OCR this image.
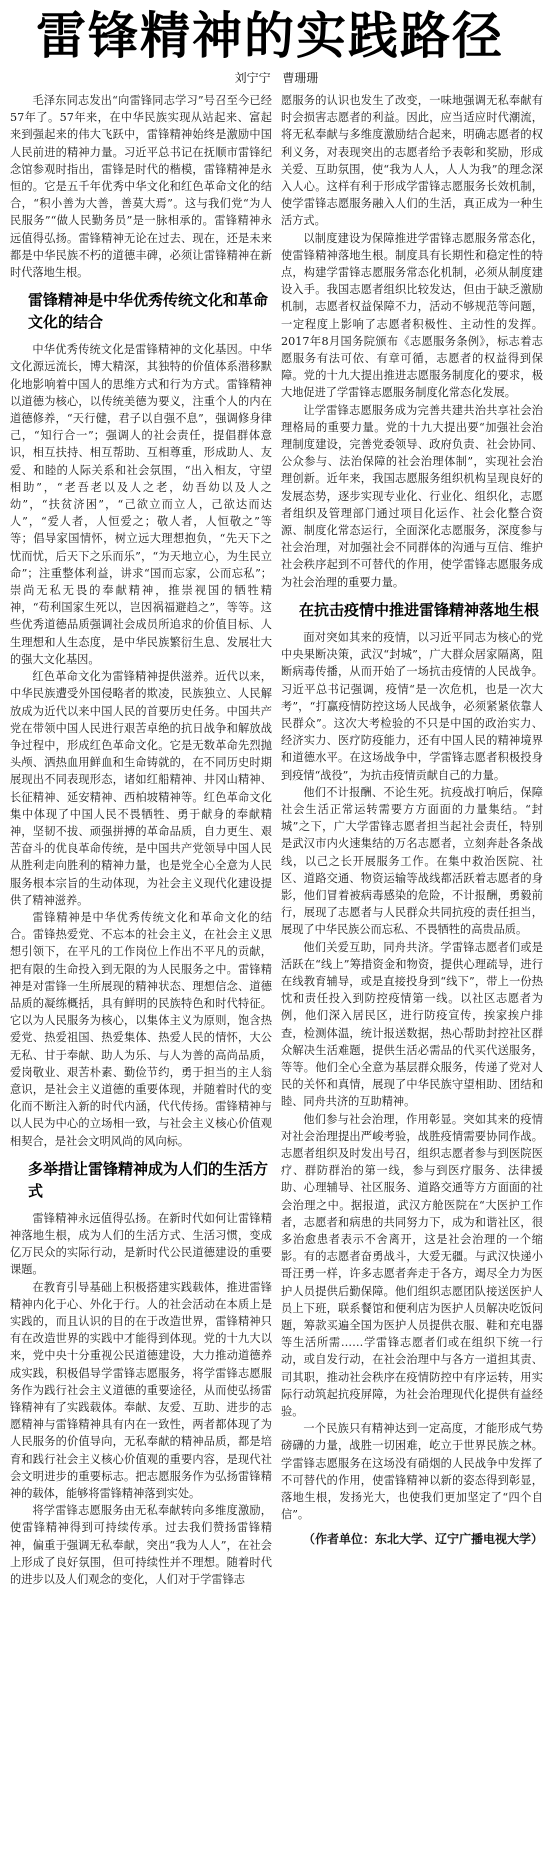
雷锋精神的实践路径
刘宁宁 曹珊珊

毛泽东同志发出“向雷锋同志学习”号召至今已经57年了。57年来，在中华民族实现从站起来、富起来到强起来的伟大飞跃中，雷锋精神始终是激励中国人民前进的精神力量。习近平总书记在抚顺市雷锋纪念馆参观时指出，雷锋是时代的楷模，雷锋精神是永恒的。它是五千年优秀中华文化和红色革命文化的结合，“积小善为大善，善莫大焉”。这与我们党“为人民服务”“做人民勤务员”是一脉相承的。雷锋精神永远值得弘扬。雷锋精神无论在过去、现在，还是未来都是中华民族不朽的道德丰碑，必须让雷锋精神在新时代落地生根。

雷锋精神是中华优秀传统文化和革命文化的结合

中华优秀传统文化是雷锋精神的文化基因。中华文化源远流长，博大精深，其独特的价值体系潜移默化地影响着中国人的思维方式和行为方式。雷锋精神以道德为核心，以传统美德为要义，注重个人的内在道德修养，“天行健，君子以自强不息”，强调修身律己，“知行合一”；强调人的社会责任，提倡群体意识，相互扶持、相互帮助、互相尊重，形成助人、友爱、和睦的人际关系和社会氛围，“出入相友，守望相助”，“老吾老以及人之老，幼吾幼以及人之幼”，“扶贫济困”，“己欲立而立人，己欲达而达人”，“爱人者，人恒爱之；敬人者，人恒敬之”等等；倡导家国情怀，树立远大理想抱负，“先天下之忧而忧，后天下之乐而乐”，“为天地立心，为生民立命”；注重整体利益，讲求“国而忘家，公而忘私”；崇尚无私无畏的奉献精神，推崇视国的牺牲精神，“苟利国家生死以，岂因祸福避趋之”，等等。这些优秀道德品质强调社会成员所追求的价值目标、人生理想和人生态度，是中华民族繁衍生息、发展壮大的强大文化基因。

红色革命文化为雷锋精神提供滋养。近代以来，中华民族遭受外国侵略者的欺凌，民族独立、人民解放成为近代以来中国人民的首要历史任务。中国共产党在带领中国人民进行艰苦卓绝的抗日战争和解放战争过程中，形成红色革命文化。它是无数革命先烈抛头颅、洒热血用鲜血和生命铸就的，在不同历史时期展现出不同表现形态，诸如红船精神、井冈山精神、长征精神、延安精神、西柏坡精神等。红色革命文化集中体现了中国人民不畏牺牲、勇于献身的奉献精神，坚韧不拔、顽强拼搏的革命品质，自力更生、艰苦奋斗的优良革命传统，是中国共产党领导中国人民从胜利走向胜利的精神力量，也是党全心全意为人民服务根本宗旨的生动体现，为社会主义现代化建设提供了精神滋养。

雷锋精神是中华优秀传统文化和革命文化的结合。雷锋热爱党、不忘本的社会主义，在社会主义思想引领下，在平凡的工作岗位上作出不平凡的贡献，把有限的生命投入到无限的为人民服务之中。雷锋精神是对雷锋一生所展现的精神状态、理想信念、道德品质的凝练概括，具有鲜明的民族特色和时代特征。它以为人民服务为核心，以集体主义为原则，饱含热爱党、热爱祖国、热爱集体、热爱人民的情怀，大公无私、甘于奉献、助人为乐、与人为善的高尚品质，爱岗敬业、艰苦朴素、勤俭节约，勇于担当的主人翁意识，是社会主义道德的重要体现，并随着时代的变化而不断注入新的时代内涵，代代传扬。雷锋精神与以人民为中心的立场相一致，与社会主义核心价值观相契合，是社会文明风尚的风向标。

多举措让雷锋精神成为人们的生活方式

雷锋精神永远值得弘扬。在新时代如何让雷锋精神落地生根，成为人们的生活方式、生活习惯，变成亿万民众的实际行动，是新时代公民道德建设的重要课题。

在教育引导基础上积极搭建实践载体，推进雷锋精神内化于心、外化于行。人的社会活动在本质上是实践的，而且认识的目的在于改造世界，雷锋精神只有在改造世界的实践中才能得到体现。党的十九大以来，党中央十分重视公民道德建设，大力推动道德养成实践，积极倡导学雷锋志愿服务，将学雷锋志愿服务作为践行社会主义道德的重要途径，从而使弘扬雷锋精神有了实践载体。奉献、友爱、互助、进步的志愿精神与雷锋精神具有内在一致性，两者都体现了为人民服务的价值导向，无私奉献的精神品质，都是培育和践行社会主义核心价值观的重要内容，是现代社会文明进步的重要标志。把志愿服务作为弘扬雷锋精神的载体，能够将雷锋精神落到实处。

将学雷锋志愿服务由无私奉献转向多维度激励，使雷锋精神得到可持续传承。过去我们赞扬雷锋精神，偏重于强调无私奉献，突出“我为人人”，在社会上形成了良好氛围，但可持续性并不理想。随着时代的进步以及人们观念的变化，人们对于学雷锋志

愿服务的认识也发生了改变，一味地强调无私奉献有时会损害志愿者的利益。因此，应当适应时代潮流，将无私奉献与多维度激励结合起来，明确志愿者的权利义务，对表现突出的志愿者给予表彰和奖励，形成关爱、互助氛围，使“我为人人，人人为我”的理念深入人心。这样有利于形成学雷锋志愿服务长效机制，使学雷锋志愿服务融入人们的生活，真正成为一种生活方式。

以制度建设为保障推进学雷锋志愿服务常态化，使雷锋精神落地生根。制度具有长期性和稳定性的特点，构建学雷锋志愿服务常态化机制，必须从制度建设入手。我国志愿者组织比较发达，但由于缺乏激励机制，志愿者权益保障不力，活动不够规范等问题，一定程度上影响了志愿者积极性、主动性的发挥。2017年8月国务院颁布《志愿服务条例》，标志着志愿服务有法可依、有章可循，志愿者的权益得到保障。党的十九大提出推进志愿服务制度化的要求，极大地促进了学雷锋志愿服务制度化常态化发展。

让学雷锋志愿服务成为完善共建共治共享社会治理格局的重要力量。党的十九大提出要“加强社会治理制度建设，完善党委领导、政府负责、社会协同、公众参与、法治保障的社会治理体制”，实现社会治理创新。近年来，我国志愿服务组织机构呈现良好的发展态势，逐步实现专业化、行业化、组织化，志愿者组织及管理部门通过项目化运作、社会化整合资源、制度化常态运行，全面深化志愿服务，深度参与社会治理，对加强社会不同群体的沟通与互信、维护社会秩序起到不可替代的作用，使学雷锋志愿服务成为社会治理的重要力量。

在抗击疫情中推进雷锋精神落地生根

面对突如其来的疫情，以习近平同志为核心的党中央果断决策，武汉“封城”，广大群众居家隔离，阻断病毒传播，从而开始了一场抗击疫情的人民战争。习近平总书记强调，疫情“是一次危机，也是一次大考”，“打赢疫情防控这场人民战争，必须紧紧依靠人民群众”。这次大考检验的不只是中国的政治实力、经济实力、医疗防疫能力，还有中国人民的精神境界和道德水平。在这场战争中，学雷锋志愿者积极投身到疫情“战役”，为抗击疫情贡献自己的力量。

他们不计报酬、不论生死。抗疫战打响后，保障社会生活正常运转需要方方面面的力量集结。“封城”之下，广大学雷锋志愿者担当起社会责任，特别是武汉市内火速集结的万名志愿者，立刻奔赴各条战线，以己之长开展服务工作。在集中救治医院、社区、道路交通、物资运输等战线都活跃着志愿者的身影，他们冒着被病毒感染的危险，不计报酬，勇毅前行，展现了志愿者与人民群众共同抗疫的责任担当，展现了中华民族公而忘私、不畏牺牲的高贵品质。

他们关爱互助，同舟共济。学雷锋志愿者们或是活跃在“线上”筹措资金和物资，提供心理疏导，进行在线教育辅导，或是直接投身到“线下”，带上一份热忱和责任投入到防控疫情第一线。以社区志愿者为例，他们深入居民区，进行防疫宣传，挨家挨户排查，检测体温，统计报送数据，热心帮助封控社区群众解决生活难题，提供生活必需品的代买代送服务，等等。他们全心全意为基层群众服务，传递了党对人民的关怀和真情，展现了中华民族守望相助、团结和睦、同舟共济的互助精神。

他们参与社会治理，作用彰显。突如其来的疫情对社会治理提出严峻考验，战胜疫情需要协同作战。志愿者组织及时发出号召，组织志愿者参与到医院医疗、群防群治的第一线，参与到医疗服务、法律援助、心理辅导、社区服务、道路交通等方方面面的社会治理之中。据报道，武汉方舱医院在“大医护工作者，志愿者和病患的共同努力下，成为和谐社区，很多治愈患者表示不舍离开，这是社会治理的一个缩影。有的志愿者奋勇战斗，大爱无疆。与武汉快递小哥汪勇一样，许多志愿者奔走于各方，竭尽全力为医护人员提供后勤保障。他们组织志愿团队接送医护人员上下班，联系餐馆和便利店为医护人员解决吃饭问题，筹款买遍全国为医护人员提供衣服、鞋和充电器等生活所需……学雷锋志愿者们或在组织下统一行动，或自发行动，在社会治理中与各方一道担其责、司其职，推动社会秩序在疫情防控中有序运转，用实际行动筑起抗疫屏障，为社会治理现代化提供有益经验。

一个民族只有精神达到一定高度，才能形成气势磅礴的力量，战胜一切困难，屹立于世界民族之林。学雷锋志愿服务在这场没有硝烟的人民战争中发挥了不可替代的作用，使雷锋精神以新的姿态得到彰显，落地生根，发扬光大，也使我们更加坚定了“四个自信”。

（作者单位：东北大学、辽宁广播电视大学）
